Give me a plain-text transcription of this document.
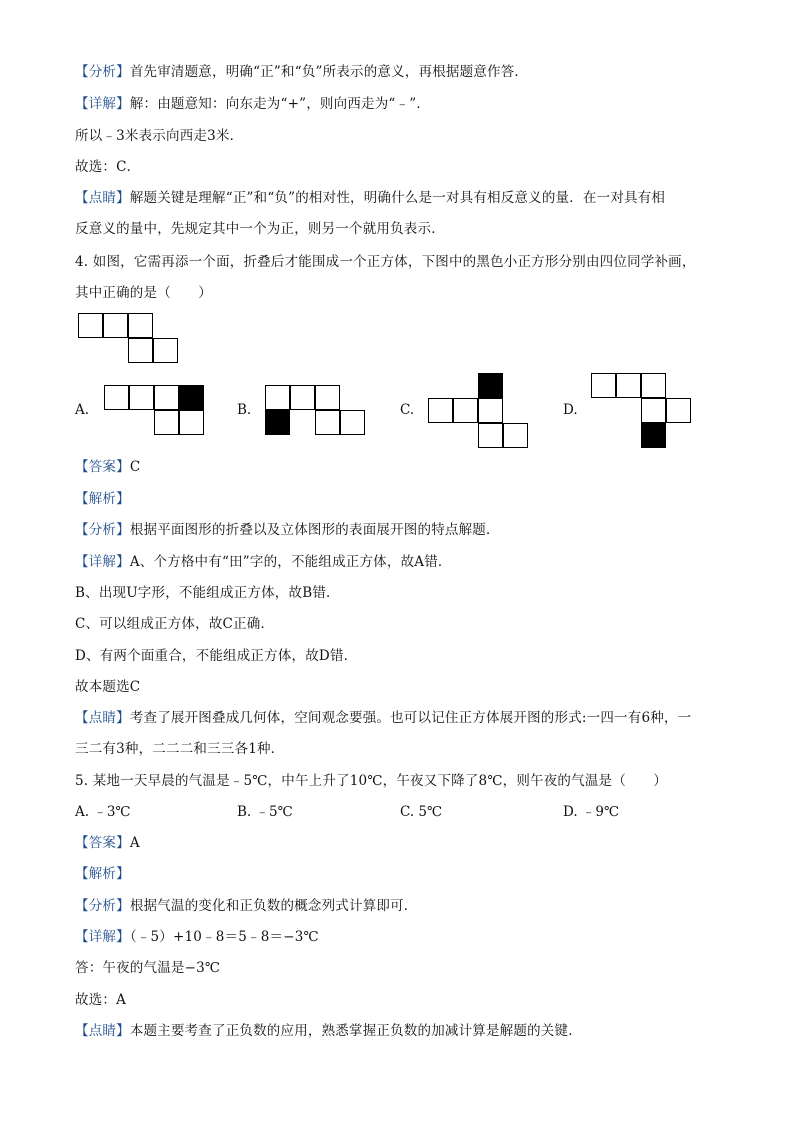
【分析】首先审清题意，明确“正”和“负”所表示的意义，再根据题意作答．
【详解】解：由题意知：向东走为“+”，则向西走为“﹣”．
所以﹣3米表示向西走3米．
故选：C．
【点睛】解题关键是理解“正”和“负”的相对性，明确什么是一对具有相反意义的量．在一对具有相
反意义的量中，先规定其中一个为正，则另一个就用负表示．
4. 如图，它需再添一个面，折叠后才能围成一个正方体，下图中的黑色小正方形分别由四位同学补画，
其中正确的是（　　）
A.	B.	C.	D.
【答案】C
【解析】
【分析】根据平面图形的折叠以及立体图形的表面展开图的特点解题．
【详解】A、个方格中有“田”字的，不能组成正方体，故A错．
B、出现U字形，不能组成正方体，故B错．
C、可以组成正方体，故C正确．
D、有两个面重合，不能组成正方体，故D错．
故本题选C
【点睛】考查了展开图叠成几何体，空间观念要强。也可以记住正方体展开图的形式:一四一有6种，一
三二有3种，二二二和三三各1种．
5. 某地一天早晨的气温是﹣5℃，中午上升了10℃，午夜又下降了8℃，则午夜的气温是（　　）
A. ﹣3℃	B. ﹣5℃	C. 5℃	D. ﹣9℃
【答案】A
【解析】
【分析】根据气温的变化和正负数的概念列式计算即可．
【详解】（﹣5）+10﹣8＝5﹣8＝−3℃
答：午夜的气温是−3℃
故选：A
【点睛】本题主要考查了正负数的应用，熟悉掌握正负数的加减计算是解题的关键．
